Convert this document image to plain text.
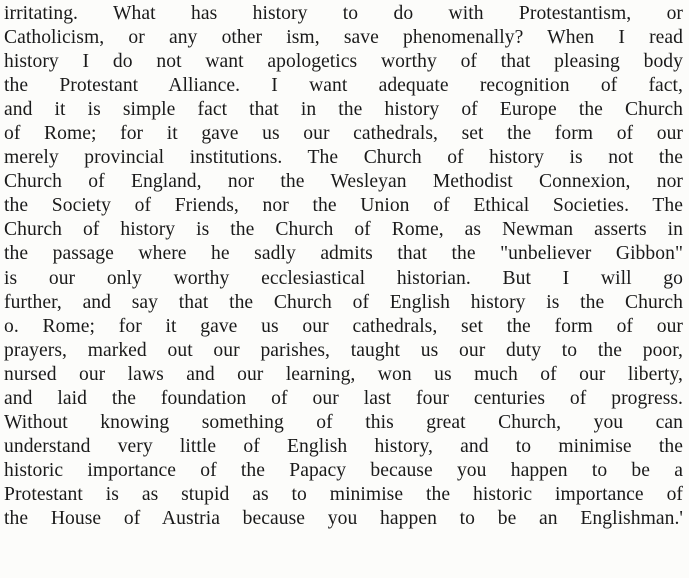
irritating. What has history to do with Protestantism, or
Catholicism, or any other ism, save phenomenally? When I read
history I do not want apologetics worthy of that pleasing body
the Protestant Alliance. I want adequate recognition of fact,
and it is simple fact that in the history of Europe the Church
of Rome; for it gave us our cathedrals, set the form of our
merely provincial institutions. The Church of history is not the
Church of England, nor the Wesleyan Methodist Connexion, nor
the Society of Friends, nor the Union of Ethical Societies. The
Church of history is the Church of Rome, as Newman asserts in
the passage where he sadly admits that the "unbeliever Gibbon"
is our only worthy ecclesiastical historian. But I will go
further, and say that the Church of English history is the Church
o. Rome; for it gave us our cathedrals, set the form of our
prayers, marked out our parishes, taught us our duty to the poor,
nursed our laws and our learning, won us much of our liberty,
and laid the foundation of our last four centuries of progress.
Without knowing something of this great Church, you can
understand very little of English history, and to minimise the
historic importance of the Papacy because you happen to be a
Protestant is as stupid as to minimise the historic importance of
the House of Austria because you happen to be an Englishman.'
